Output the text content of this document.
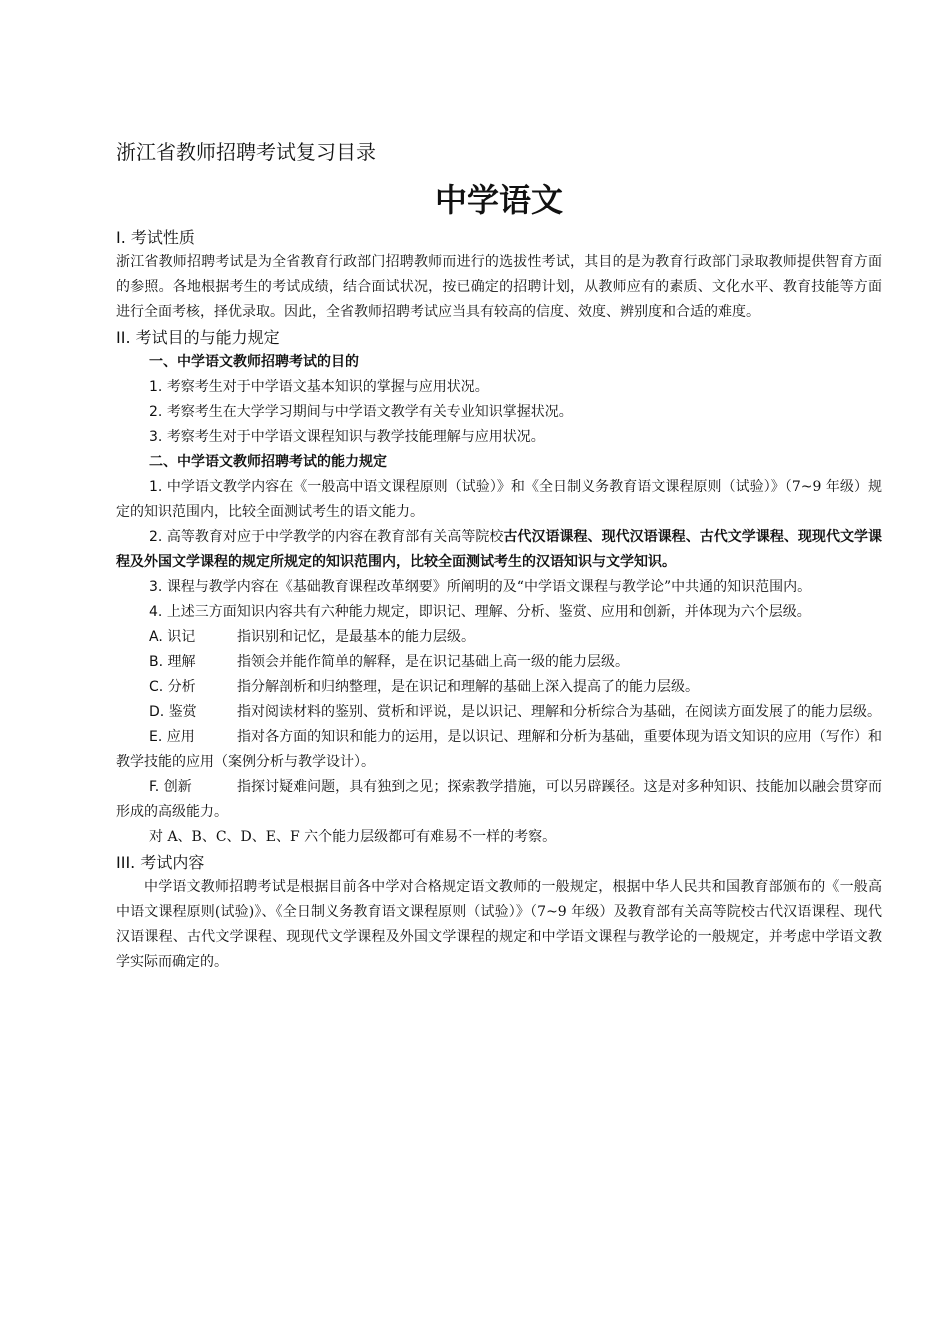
浙江省教师招聘考试复习目录
中学语文
I. 考试性质

浙江省教师招聘考试是为全省教育行政部门招聘教师而进行的选拔性考试，其目的是为教育行政部门录取教师提供智育方面的参照。各地根据考生的考试成绩，结合面试状况，按已确定的招聘计划，从教师应有的素质、文化水平、教育技能等方面进行全面考核，择优录取。因此，全省教师招聘考试应当具有较高的信度、效度、辨别度和合适的难度。

II. 考试目的与能力规定
一、中学语文教师招聘考试的目的

1. 考察考生对于中学语文基本知识的掌握与应用状况。

2. 考察考生在大学学习期间与中学语文教学有关专业知识掌握状况。

3. 考察考生对于中学语文课程知识与教学技能理解与应用状况。

二、中学语文教师招聘考试的能力规定

1. 中学语文教学内容在《一般高中语文课程原则（试验）》和《全日制义务教育语文课程原则（试验）》（7~9 年级）规定的知识范围内，比较全面测试考生的语文能力。

2. 高等教育对应于中学教学的内容在教育部有关高等院校古代汉语课程、现代汉语课程、古代文学课程、现现代文学课程及外国文学课程的规定所规定的知识范围内，比较全面测试考生的汉语知识与文学知识。

3. 课程与教学内容在《基础教育课程改革纲要》所阐明的及“中学语文课程与教学论”中共通的知识范围内。

4. 上述三方面知识内容共有六种能力规定，即识记、理解、分析、鉴赏、应用和创新，并体现为六个层级。

A. 识记	指识别和记忆，是最基本的能力层级。

B. 理解	指领会并能作简单的解释，是在识记基础上高一级的能力层级。

C. 分析	指分解剖析和归纳整理，是在识记和理解的基础上深入提高了的能力层级。

D. 鉴赏	指对阅读材料的鉴别、赏析和评说，是以识记、理解和分析综合为基础，在阅读方面发展了的能力层级。

E. 应用	指对各方面的知识和能力的运用，是以识记、理解和分析为基础，重要体现为语文知识的应用（写作）和教学技能的应用（案例分析与教学设计）。

F. 创新	指探讨疑难问题，具有独到之见；探索教学措施，可以另辟蹊径。这是对多种知识、技能加以融会贯穿而形成的高级能力。

对 A、B、C、D、E、F 六个能力层级都可有难易不一样的考察。

III. 考试内容

中学语文教师招聘考试是根据目前各中学对合格规定语文教师的一般规定，根据中华人民共和国教育部颁布的《一般高中语文课程原则(试验)》、《全日制义务教育语文课程原则（试验）》（7~9 年级）及教育部有关高等院校古代汉语课程、现代汉语课程、古代文学课程、现现代文学课程及外国文学课程的规定和中学语文课程与教学论的一般规定，并考虑中学语文教学实际而确定的。
